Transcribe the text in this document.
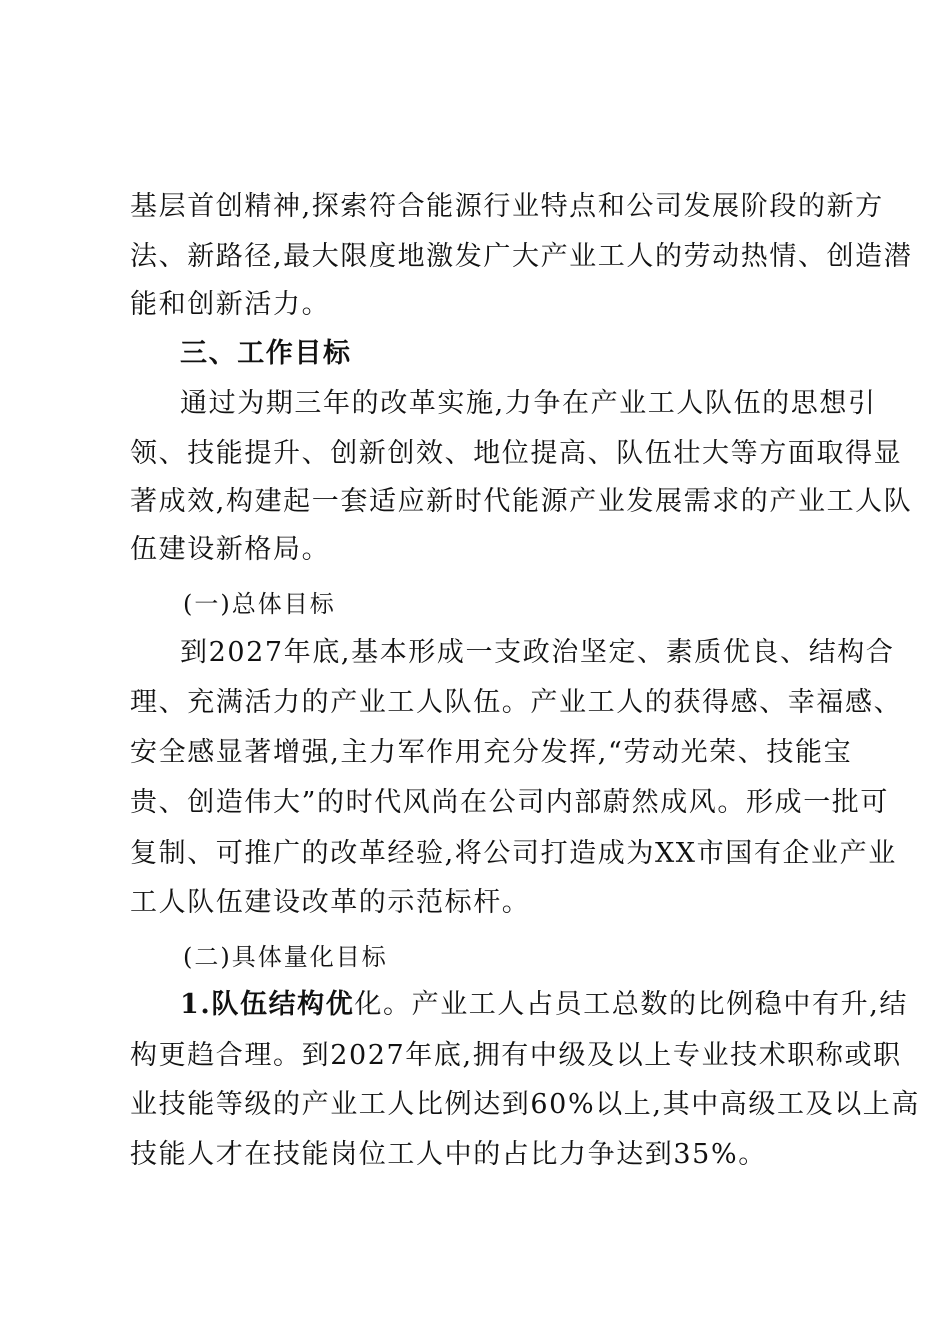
基层首创精神,探索符合能源行业特点和公司发展阶段的新方
法、新路径,最大限度地激发广大产业工人的劳动热情、创造潜
能和创新活力。
三、工作目标
通过为期三年的改革实施,力争在产业工人队伍的思想引
领、技能提升、创新创效、地位提高、队伍壮大等方面取得显
著成效,构建起一套适应新时代能源产业发展需求的产业工人队
伍建设新格局。
(一)总体目标
到2027年底,基本形成一支政治坚定、素质优良、结构合
理、充满活力的产业工人队伍。产业工人的获得感、幸福感、
安全感显著增强,主力军作用充分发挥,“劳动光荣、技能宝
贵、创造伟大”的时代风尚在公司内部蔚然成风。形成一批可
复制、可推广的改革经验,将公司打造成为XX市国有企业产业
工人队伍建设改革的示范标杆。
(二)具体量化目标
1.队伍结构优化。产业工人占员工总数的比例稳中有升,结
构更趋合理。到2027年底,拥有中级及以上专业技术职称或职
业技能等级的产业工人比例达到60%以上,其中高级工及以上高
技能人才在技能岗位工人中的占比力争达到35%。
